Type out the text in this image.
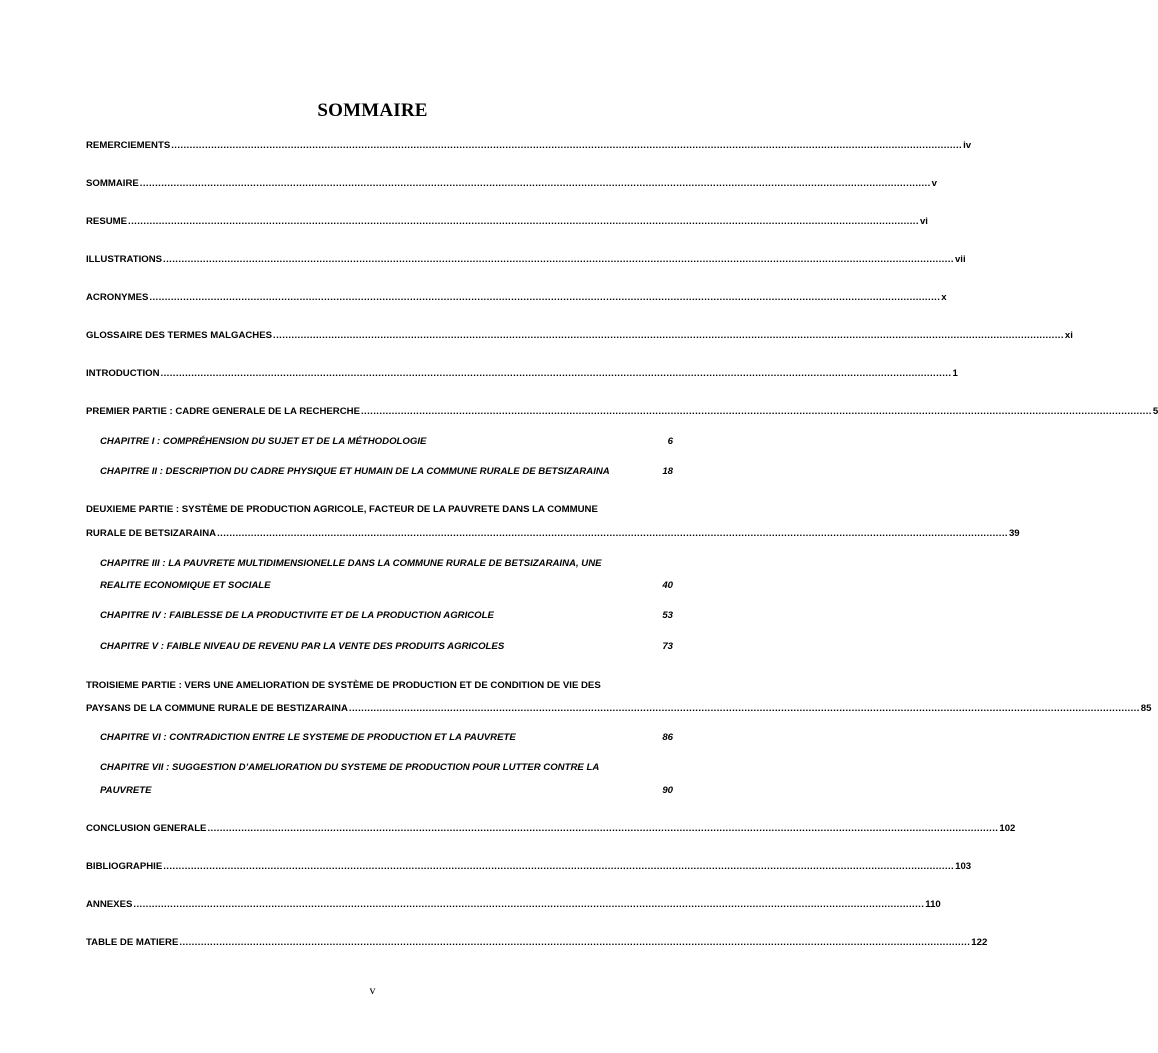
SOMMAIRE
REMERCIEMENTS .................................................................................................................................................................................................................................................................. iv
SOMMAIRE .................................................................................................................................................................................................................................................................. v
RESUME .................................................................................................................................................................................................................................................................. vi
ILLUSTRATIONS .................................................................................................................................................................................................................................................................. vii
ACRONYMES .................................................................................................................................................................................................................................................................. x
GLOSSAIRE DES TERMES MALGACHES .................................................................................................................................................................................................................................................................. xi
INTRODUCTION .................................................................................................................................................................................................................................................................. 1
PREMIER PARTIE : CADRE GENERALE DE LA RECHERCHE .................................................................................................................................................................................................................................................................. 5
CHAPITRE I : COMPRÉHENSION DU SUJET ET DE LA MÉTHODOLOGIE	6
CHAPITRE II : DESCRIPTION DU CADRE PHYSIQUE ET HUMAIN DE LA COMMUNE RURALE DE BETSIZARAINA	18
DEUXIEME PARTIE : SYSTÈME DE PRODUCTION AGRICOLE, FACTEUR DE LA PAUVRETE DANS LA COMMUNE
RURALE DE BETSIZARAINA .................................................................................................................................................................................................................................................................. 39
CHAPITRE III : LA PAUVRETE MULTIDIMENSIONELLE DANS LA COMMUNE RURALE DE BETSIZARAINA, UNE
REALITE ECONOMIQUE ET SOCIALE	40
CHAPITRE IV : FAIBLESSE DE LA PRODUCTIVITE ET DE LA PRODUCTION AGRICOLE	53
CHAPITRE V : FAIBLE NIVEAU DE REVENU PAR LA VENTE DES PRODUITS AGRICOLES	73
TROISIEME PARTIE : VERS UNE AMELIORATION DE SYSTÈME DE PRODUCTION ET DE CONDITION DE VIE DES
PAYSANS DE LA COMMUNE RURALE DE BESTIZARAINA .................................................................................................................................................................................................................................................................. 85
CHAPITRE VI : CONTRADICTION ENTRE LE SYSTEME DE PRODUCTION ET LA PAUVRETE	86
CHAPITRE VII : SUGGESTION D’AMELIORATION DU SYSTEME DE PRODUCTION POUR LUTTER CONTRE LA
PAUVRETE	90
CONCLUSION GENERALE .................................................................................................................................................................................................................................................................. 102
BIBLIOGRAPHIE .................................................................................................................................................................................................................................................................. 103
ANNEXES .................................................................................................................................................................................................................................................................. 110
TABLE DE MATIERE .................................................................................................................................................................................................................................................................. 122
v
